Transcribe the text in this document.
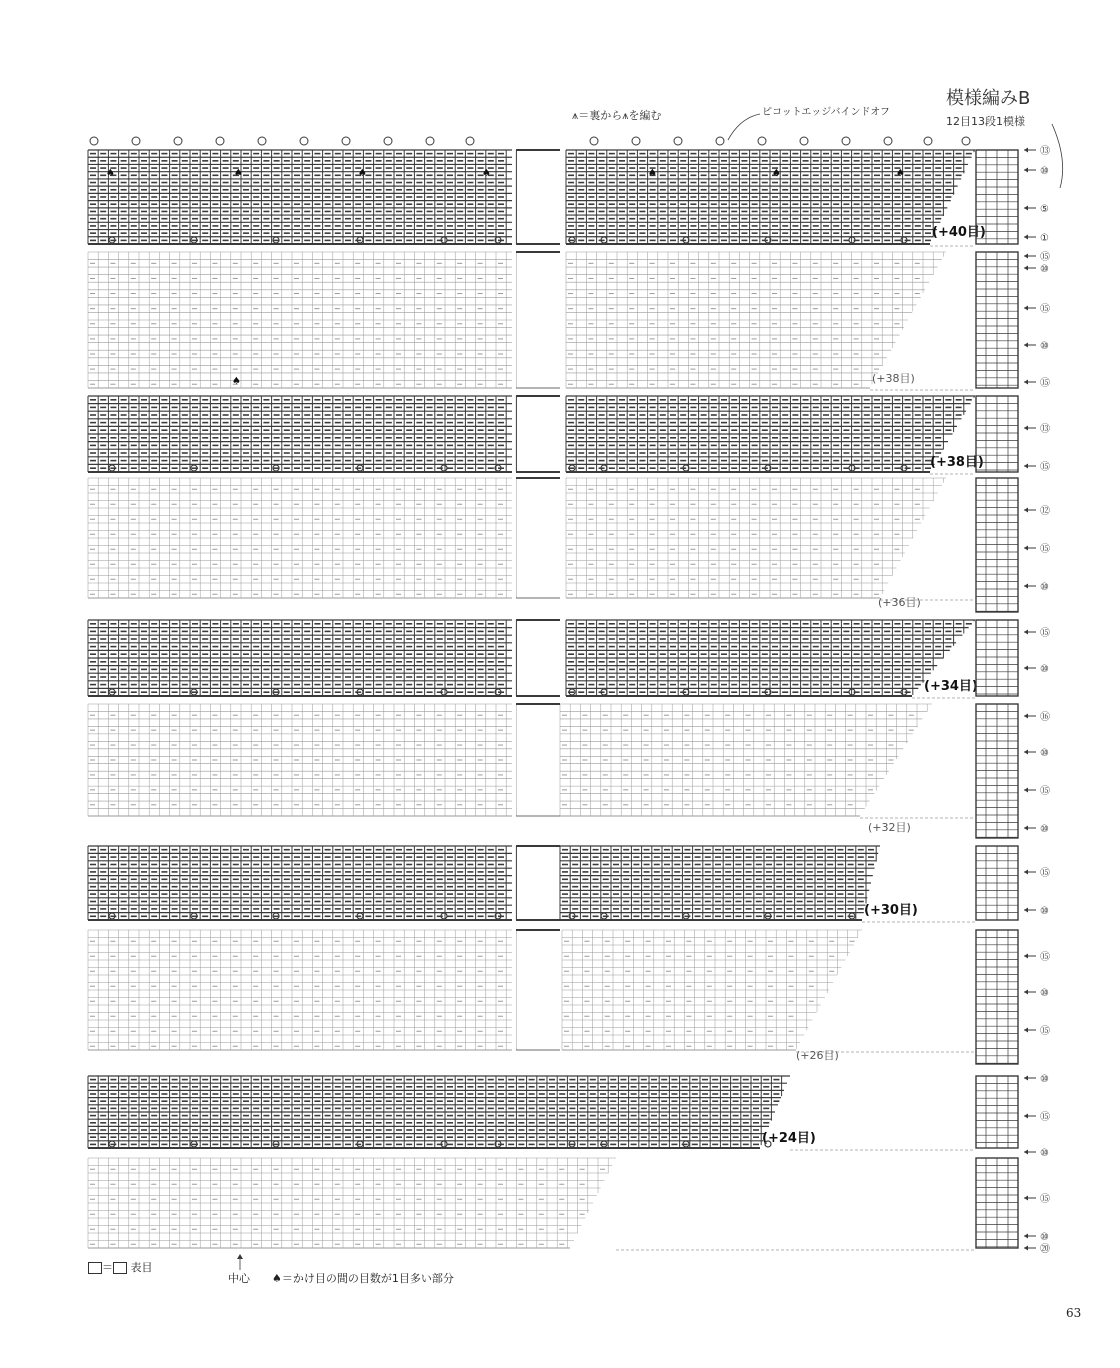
(+40目)
(+38目)
(+38目)
(+36目)
(+34目)
(+32目)
(+30目)
(+26目)
(+24目)
⑬
⑩
⑤
①
⑮
⑩
⑮
⑩
⑮
⑬
⑮
⑫
⑮
⑩
⑮
⑩
⑯
⑩
⑮
⑩
⑮
⑩
⑮
⑩
⑮
⑩
⑮
⑩
⑮
⑩
⑳
♠
♠	♠	♠	♠	♠	♠	♠
模様編みB
12目13段1模様
⩚＝裏から⩚を編む	ピコットエッジバインドオフ
＝ 表目
中心 ♠＝かけ目の間の目数が1目多い部分
63
